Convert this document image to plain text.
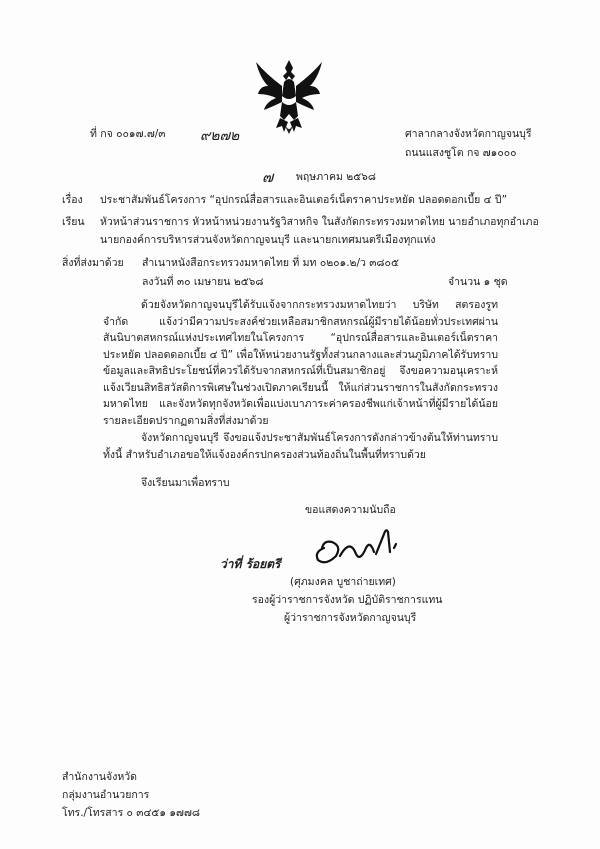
ที่ กจ ๐๐๑๗.๗/๓ ๙๒๗๒	ศาลากลางจังหวัดกาญจนบุรี
ถนนแสงชูโต กจ ๗๑๐๐๐
๗ พฤษภาคม ๒๕๖๘
เรื่อง ประชาสัมพันธ์โครงการ “อุปกรณ์สื่อสารและอินเตอร์เน็ตราคาประหยัด ปลอดดอกเบี้ย ๔ ปี”
เรียน หัวหน้าส่วนราชการ หัวหน้าหน่วยงานรัฐวิสาหกิจ ในสังกัดกระทรวงมหาดไทย นายอำเภอทุกอำเภอ
นายกองค์การบริหารส่วนจังหวัดกาญจนบุรี และนายกเทศมนตรีเมืองทุกแห่ง
สิ่งที่ส่งมาด้วย สำเนาหนังสือกระทรวงมหาดไทย ที่ มท ๐๒๐๑.๒/ว ๓๘๐๕
ลงวันที่ ๓๐ เมษายน ๒๕๖๘	จำนวน ๑ ชุด
ด้วยจังหวัดกาญจนบุรีได้รับแจ้งจากกระทรวงมหาดไทยว่า บริษัท สตรองรูท จำกัด แจ้งว่ามีความประสงค์ช่วยเหลือสมาชิกสหกรณ์ผู้มีรายได้น้อยทั่วประเทศผ่านสันนิบาตสหกรณ์แห่งประเทศไทยในโครงการ “อุปกรณ์สื่อสารและอินเตอร์เน็ตราคาประหยัด ปลอดดอกเบี้ย ๔ ปี” เพื่อให้หน่วยงานรัฐทั้งส่วนกลางและส่วนภูมิภาคได้รับทราบข้อมูลและสิทธิประโยชน์ที่ควรได้รับจากสหกรณ์ที่เป็นสมาชิกอยู่ จึงขอความอนุเคราะห์แจ้งเวียนสิทธิสวัสดิการพิเศษในช่วงเปิดภาคเรียนนี้ ให้แก่ส่วนราชการในสังกัดกระทรวงมหาดไทย และจังหวัดทุกจังหวัดเพื่อแบ่งเบาภาระค่าครองชีพแก่เจ้าหน้าที่ผู้มีรายได้น้อย รายละเอียดปรากฏตามสิ่งที่ส่งมาด้วย
จังหวัดกาญจนบุรี จึงขอแจ้งประชาสัมพันธ์โครงการดังกล่าวข้างต้นให้ท่านทราบ ทั้งนี้ สำหรับอำเภอขอให้แจ้งองค์กรปกครองส่วนท้องถิ่นในพื้นที่ทราบด้วย
จึงเรียนมาเพื่อทราบ
ขอแสดงความนับถือ
ว่าที่ ร้อยตรี
(ศุภมงคล บูชาถ่ายเทศ)
รองผู้ว่าราชการจังหวัด ปฏิบัติราชการแทน
ผู้ว่าราชการจังหวัดกาญจนบุรี
สำนักงานจังหวัด
กลุ่มงานอำนวยการ
โทร./โทรสาร ๐ ๓๔๕๑ ๑๗๗๘
